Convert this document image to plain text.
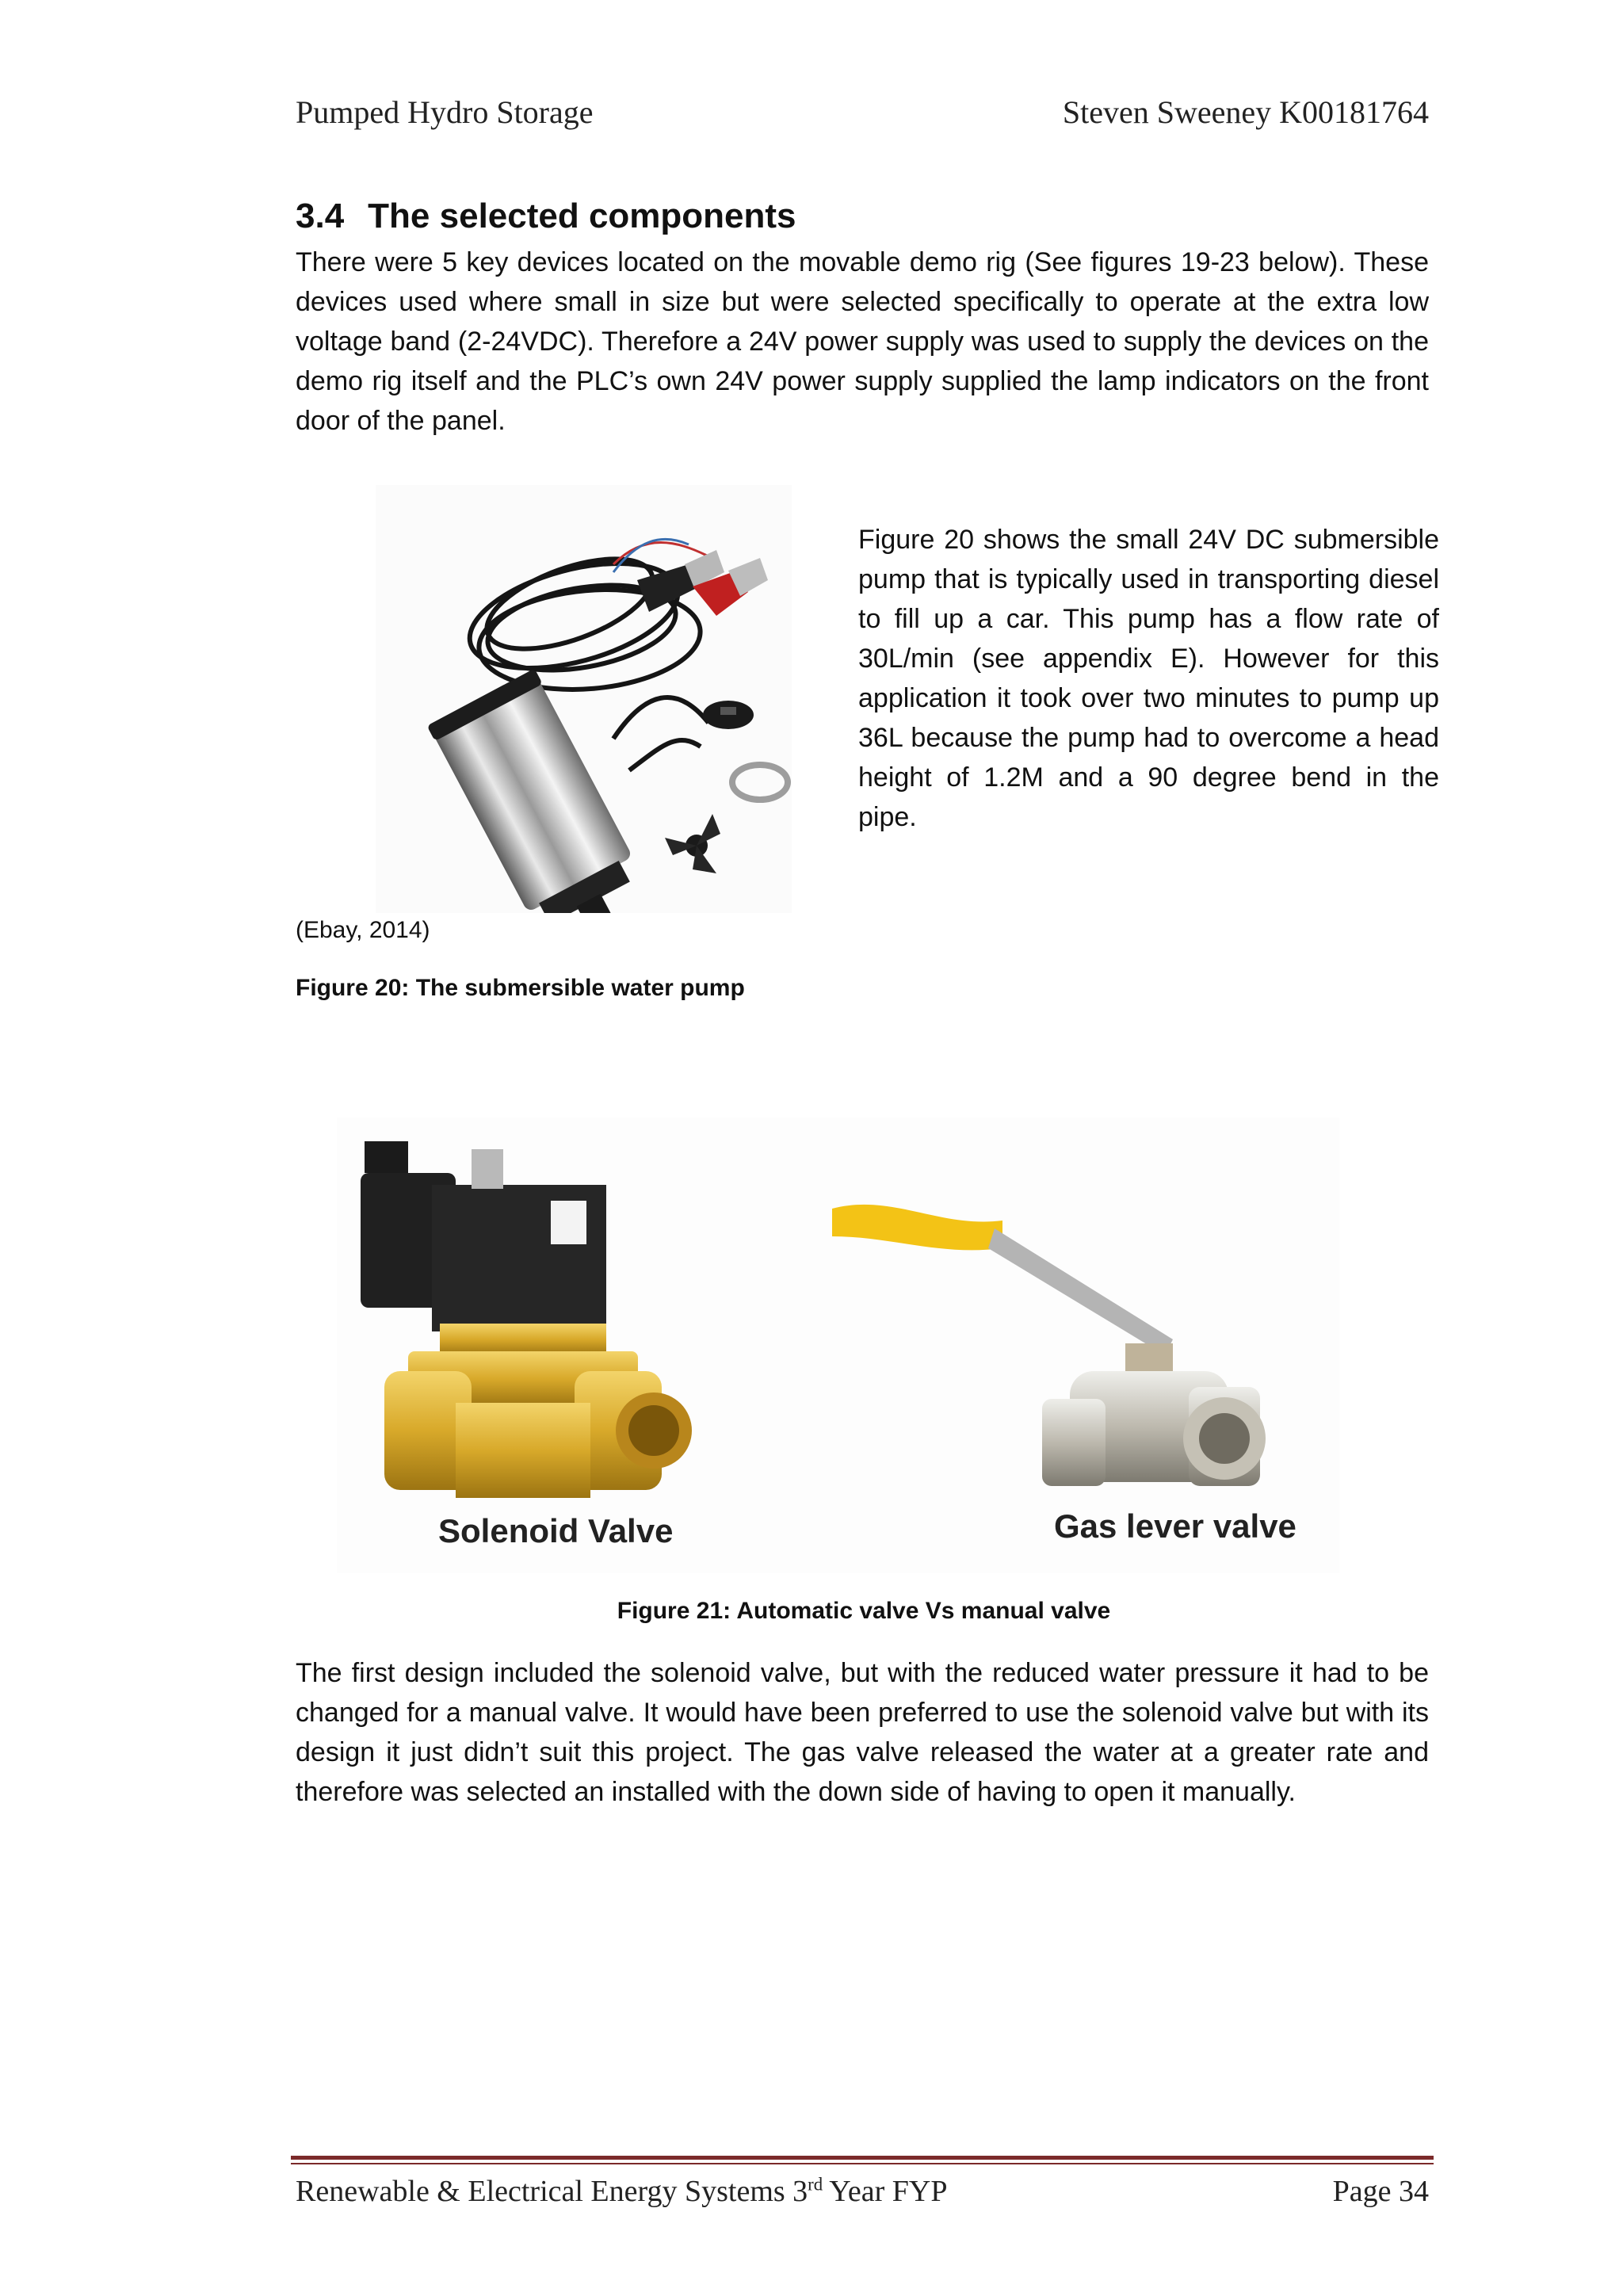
Pumped Hydro Storage	Steven Sweeney K00181764
3.4 The selected components
There were 5 key devices located on the movable demo rig (See figures 19-23 below). These devices used where small in size but were selected specifically to operate at the extra low voltage band (2-24VDC). Therefore a 24V power supply was used to supply the devices on the demo rig itself and the PLC’s own 24V power supply supplied the lamp indicators on the front door of the panel.
Figure 20 shows the small 24V DC submersible pump that is typically used in transporting diesel to fill up a car. This pump has a flow rate of 30L/min (see appendix E). However for this application it took over two minutes to pump up 36L because the pump had to overcome a head height of 1.2M and a 90 degree bend in the pipe.
(Ebay, 2014)
Figure 20: The submersible water pump
Solenoid Valve	Gas lever valve
Figure 21: Automatic valve Vs manual valve
The first design included the solenoid valve, but with the reduced water pressure it had to be changed for a manual valve. It would have been preferred to use the solenoid valve but with its design it just didn’t suit this project. The gas valve released the water at a greater rate and therefore was selected an installed with the down side of having to open it manually.
Renewable & Electrical Energy Systems 3rd Year FYP	Page 34
